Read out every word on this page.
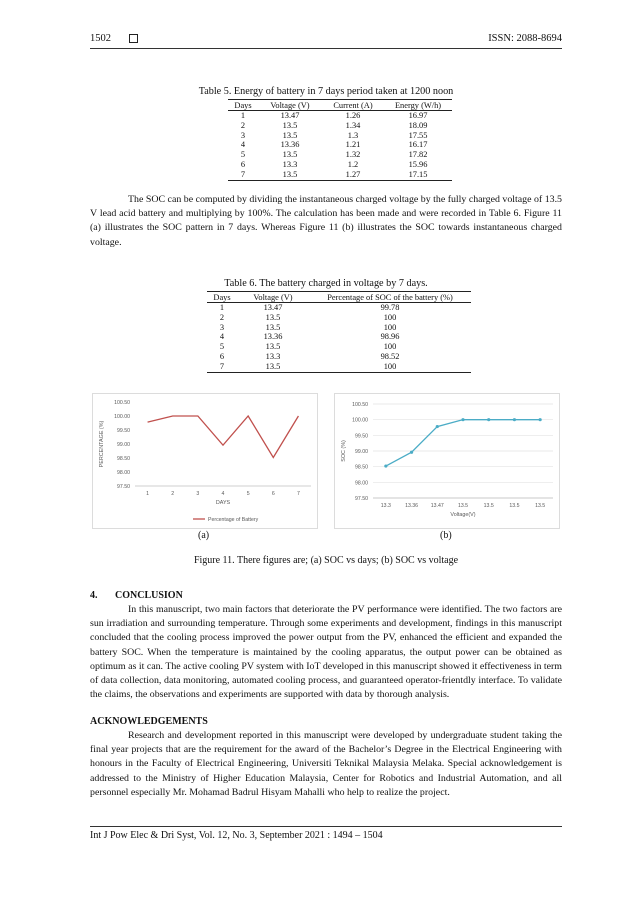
1502	ISSN: 2088-8694
Table 5. Energy of battery in 7 days period taken at 1200 noon
Days	Voltage (V)	Current (A)	Energy (W/h)
1	13.47	1.26	16.97
2	13.5	1.34	18.09
3	13.5	1.3	17.55
4	13.36	1.21	16.17
5	13.5	1.32	17.82
6	13.3	1.2	15.96
7	13.5	1.27	17.15

The SOC can be computed by dividing the instantaneous charged voltage by the fully charged voltage of 13.5 V lead acid battery and multiplying by 100%. The calculation has been made and were recorded in Table 6. Figure 11 (a) illustrates the SOC pattern in 7 days. Whereas Figure 11 (b) illustrates the SOC towards instantaneous charged voltage.

Table 6. The battery charged in voltage by 7 days.
Days	Voltage (V)	Percentage of SOC of the battery (%)
1	13.47	99.78
2	13.5	100
3	13.5	100
4	13.36	98.96
5	13.5	100
6	13.3	98.52
7	13.5	100
97.50
98.00
98.50
99.00
99.50
100.00
100.50
1	2	3	4	5	6	7
DAYS
PERCENTAGE (%)
Percentage of Battery
97.50
98.00
98.50
99.00
99.50
100.00
100.50
13.3	13.36 13.47	13.5	13.5	13.5	13.5
Voltage(V)
SOC (%)
(a)	(b)
Figure 11. There figures are; (a) SOC vs days; (b) SOC vs voltage
4.       CONCLUSION

In this manuscript, two main factors that deteriorate the PV performance were identified. The two factors are sun irradiation and surrounding temperature. Through some experiments and development, findings in this manuscript concluded that the cooling process improved the power output from the PV, enhanced the efficient and expanded the battery SOC. When the temperature is maintained by the cooling apparatus, the output power can be obtained as optimum as it can. The active cooling PV system with IoT developed in this manuscript showed it effectiveness in term of data collection, data monitoring, automated cooling process, and guaranteed operator-frientdly interface. To validate the claims, the observations and experiments are supported with data by thorough analysis.

ACKNOWLEDGEMENTS

Research and development reported in this manuscript were developed by undergraduate student taking the final year projects that are the requirement for the award of the Bachelor’s Degree in the Electrical Engineering with honours in the Faculty of Electrical Engineering, Universiti Teknikal Malaysia Melaka. Special acknowledgement is addressed to the Ministry of Higher Education Malaysia, Center for Robotics and Industrial Automation, and all personnel especially Mr. Mohamad Badrul Hisyam Mahalli who help to realize the project.

Int J Pow Elec & Dri Syst, Vol. 12, No. 3, September 2021 : 1494 – 1504
